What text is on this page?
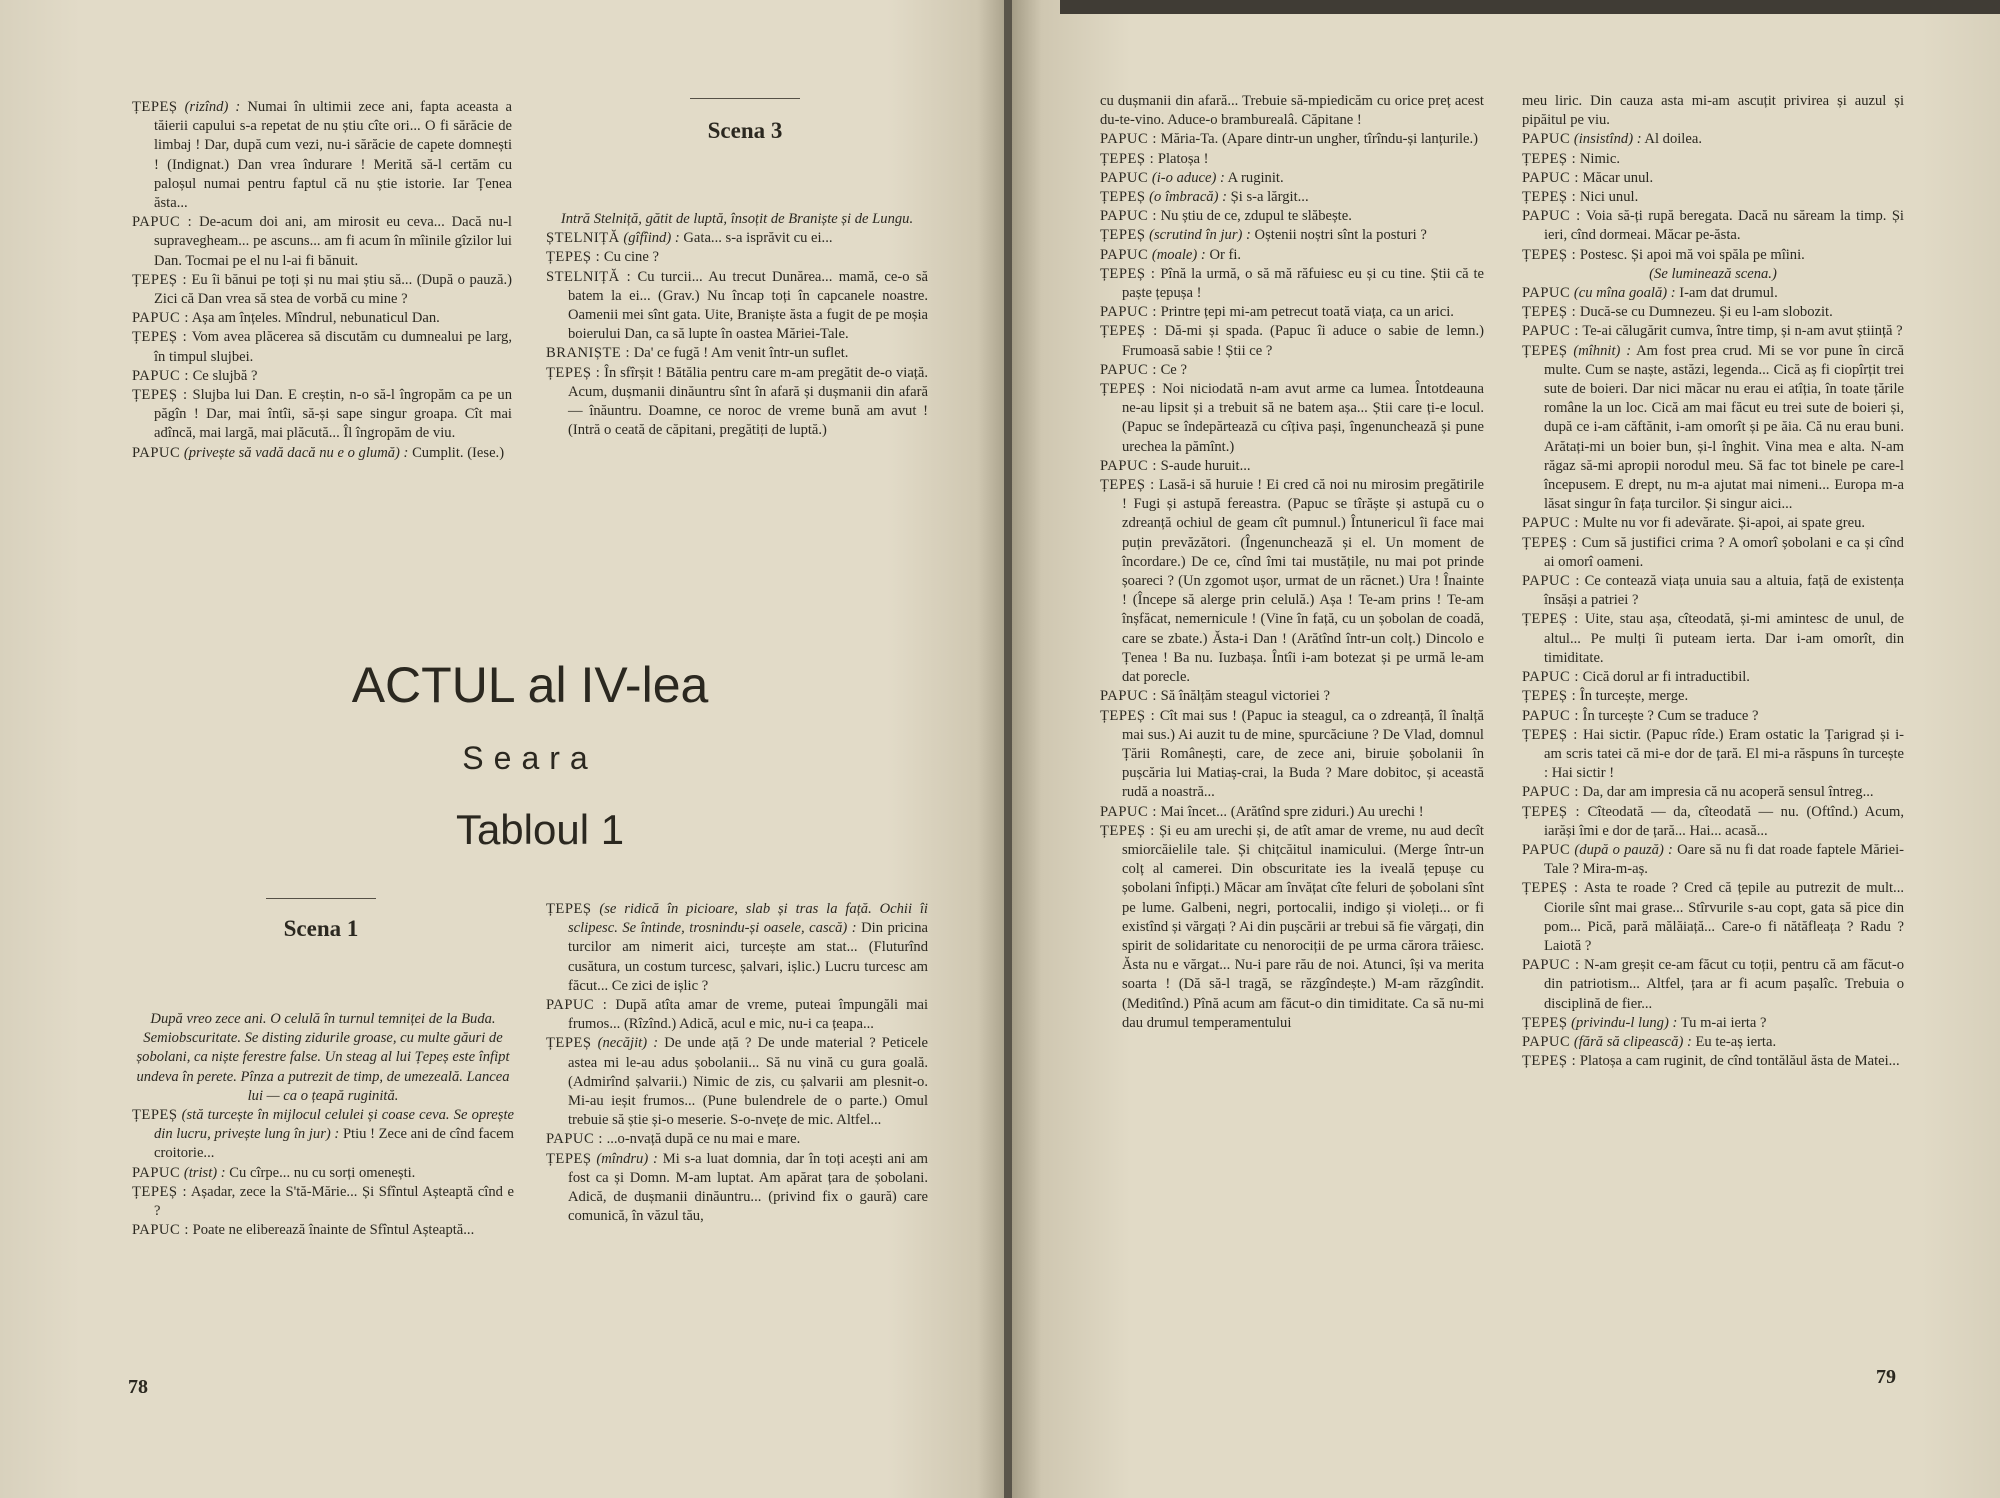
ȚEPEȘ (rizînd) : Numai în ultimii zece ani, fapta aceasta a tăierii capului s-a repetat de nu știu cîte ori... O fi sărăcie de limbaj ! Dar, după cum vezi, nu-i sărăcie de capete domnești ! (Indignat.) Dan vrea îndurare ! Merită să-l certăm cu paloșul numai pentru faptul că nu știe istorie. Iar Țenea ăsta...

PAPUC : De-acum doi ani, am mirosit eu ceva... Dacă nu-l supravegheam... pe ascuns... am fi acum în mîinile gîzilor lui Dan. Tocmai pe el nu l-ai fi bănuit.

ȚEPEȘ : Eu îi bănui pe toți și nu mai știu să... (După o pauză.) Zici că Dan vrea să stea de vorbă cu mine ?

PAPUC : Așa am înțeles. Mîndrul, nebunaticul Dan.

ȚEPEȘ : Vom avea plăcerea să discutăm cu dumnealui pe larg, în timpul slujbei.

PAPUC : Ce slujbă ?

ȚEPEȘ : Slujba lui Dan. E creștin, n-o să-l îngropăm ca pe un păgîn ! Dar, mai întîi, să-și sape singur groapa. Cît mai adîncă, mai largă, mai plăcută... Îl îngropăm de viu.

PAPUC (privește să vadă dacă nu e o glumă) : Cumplit. (Iese.)

Scena 3

Intră Stelniță, gătit de luptă, însoțit de Braniște și de Lungu.

ȘTELNIȚĂ (gîfîind) : Gata... s-a isprăvit cu ei...

ȚEPEȘ : Cu cine ?

STELNIȚĂ : Cu turcii... Au trecut Dunărea... mamă, ce-o să batem la ei... (Grav.) Nu încap toți în capcanele noastre. Oamenii mei sînt gata. Uite, Braniște ăsta a fugit de pe moșia boierului Dan, ca să lupte în oastea Măriei-Tale.

BRANIȘTE : Da' ce fugă ! Am venit într-un suflet.

ȚEPEȘ : În sfîrșit ! Bătălia pentru care m-am pregătit de-o viață. Acum, dușmanii dinăuntru sînt în afară și dușmanii din afară — înăuntru. Doamne, ce noroc de vreme bună am avut ! (Intră o ceată de căpitani, pregătiți de luptă.)

ACTUL al IV-lea
Seara
Tabloul 1
Scena 1

După vreo zece ani. O celulă în turnul temniței de la Buda. Semiobscuritate. Se disting zidurile groase, cu multe găuri de șobolani, ca niște ferestre false. Un steag al lui Țepeș este înfipt undeva în perete. Pînza a putrezit de timp, de umezeală. Lancea lui — ca o țeapă ruginită.

ȚEPEȘ (stă turcește în mijlocul celulei și coase ceva. Se oprește din lucru, privește lung în jur) : Ptiu ! Zece ani de cînd facem croitorie...

PAPUC (trist) : Cu cîrpe... nu cu sorți omenești.

ȚEPEȘ : Așadar, zece la S'tă-Mărie... Și Sfîntul Așteaptă cînd e ?

PAPUC : Poate ne eliberează înainte de Sfîntul Așteaptă...

ȚEPEȘ (se ridică în picioare, slab și tras la față. Ochii îi sclipesc. Se întinde, trosnindu-și oasele, cască) : Din pricina turcilor am nimerit aici, turcește am stat... (Fluturînd cusătura, un costum turcesc, șalvari, ișlic.) Lucru turcesc am făcut... Ce zici de ișlic ?

PAPUC : După atîta amar de vreme, puteai împungăli mai frumos... (Rîzînd.) Adică, acul e mic, nu-i ca țeapa...

ȚEPEȘ (necăjit) : De unde ață ? De unde material ? Peticele astea mi le-au adus șobolanii... Să nu vină cu gura goală. (Admirînd șalvarii.) Nimic de zis, cu șalvarii am plesnit-o. Mi-au ieșit frumos... (Pune bulendrele de o parte.) Omul trebuie să știe și-o meserie. S-o-nvețe de mic. Altfel...

PAPUC : ...o-nvață după ce nu mai e mare.

ȚEPEȘ (mîndru) : Mi s-a luat domnia, dar în toți acești ani am fost ca și Domn. M-am luptat. Am apărat țara de șobolani. Adică, de dușmanii dinăuntru... (privind fix o gaură) care comunică, în văzul tău,

78

cu dușmanii din afară... Trebuie să-mpiedicăm cu orice preț acest du-te-vino. Aduce-o bramburealâ. Căpitane !

PAPUC : Măria-Ta. (Apare dintr-un ungher, tîrîndu-și lanțurile.)

ȚEPEȘ : Platoșa !

PAPUC (i-o aduce) : A ruginit.

ȚEPEȘ (o îmbracă) : Și s-a lărgit...

PAPUC : Nu știu de ce, zdupul te slăbește.

ȚEPEȘ (scrutind în jur) : Oștenii noștri sînt la posturi ?

PAPUC (moale) : Or fi.

ȚEPEȘ : Pînă la urmă, o să mă răfuiesc eu și cu tine. Știi că te paște țepușa !

PAPUC : Printre țepi mi-am petrecut toată viața, ca un arici.

ȚEPEȘ : Dă-mi și spada. (Papuc îi aduce o sabie de lemn.) Frumoasă sabie ! Știi ce ?

PAPUC : Ce ?

ȚEPEȘ : Noi niciodată n-am avut arme ca lumea. Întotdeauna ne-au lipsit și a trebuit să ne batem așa... Știi care ți-e locul. (Papuc se îndepărtează cu cîțiva pași, îngenunchează și pune urechea la pămînt.)

PAPUC : S-aude huruit...

ȚEPEȘ : Lasă-i să huruie ! Ei cred că noi nu mirosim pregătirile ! Fugi și astupă fereastra. (Papuc se tîrăște și astupă cu o zdreanță ochiul de geam cît pumnul.) Întunericul îi face mai puțin prevăzători. (Îngenunchează și el. Un moment de încordare.) De ce, cînd îmi tai mustățile, nu mai pot prinde șoareci ? (Un zgomot ușor, urmat de un răcnet.) Ura ! Înainte ! (Începe să alerge prin celulă.) Așa ! Te-am prins ! Te-am înșfăcat, nemernicule ! (Vine în față, cu un șobolan de coadă, care se zbate.) Ăsta-i Dan ! (Arătînd într-un colț.) Dincolo e Țenea ! Ba nu. Iuzbașa. Întîi i-am botezat și pe urmă le-am dat porecle.

PAPUC : Să înălțăm steagul victoriei ?

ȚEPEȘ : Cît mai sus ! (Papuc ia steagul, ca o zdreanță, îl înalță mai sus.) Ai auzit tu de mine, spurcăciune ? De Vlad, domnul Țării Românești, care, de zece ani, biruie șobolanii în pușcăria lui Matiaș-crai, la Buda ? Mare dobitoc, și această rudă a noastră...

PAPUC : Mai încet... (Arătînd spre ziduri.) Au urechi !

ȚEPEȘ : Și eu am urechi și, de atît amar de vreme, nu aud decît smiorcăielile tale. Și chițcăitul inamicului. (Merge într-un colț al camerei. Din obscuritate ies la iveală țepușe cu șobolani înfipți.) Măcar am învățat cîte feluri de șobolani sînt pe lume. Galbeni, negri, portocalii, indigo și violeți... or fi existînd și vărgați ? Ai din pușcării ar trebui să fie vărgați, din spirit de solidaritate cu nenorociții de pe urma cărora trăiesc. Ăsta nu e vărgat... Nu-i pare rău de noi. Atunci, își va merita soarta ! (Dă să-l tragă, se răzgîndește.) M-am răzgîndit. (Meditînd.) Pînă acum am făcut-o din timiditate. Ca să nu-mi dau drumul temperamentului

meu liric. Din cauza asta mi-am ascuțit privirea și auzul și pipăitul pe viu.

PAPUC (insistînd) : Al doilea.

ȚEPEȘ : Nimic.

PAPUC : Măcar unul.

ȚEPEȘ : Nici unul.

PAPUC : Voia să-ți rupă beregata. Dacă nu săream la timp. Și ieri, cînd dormeai. Măcar pe-ăsta.

ȚEPEȘ : Postesc. Și apoi mă voi spăla pe mîini.

(Se luminează scena.)

PAPUC (cu mîna goală) : I-am dat drumul.

ȚEPEȘ : Ducă-se cu Dumnezeu. Și eu l-am slobozit.

PAPUC : Te-ai călugărit cumva, între timp, și n-am avut știință ?

ȚEPEȘ (mîhnit) : Am fost prea crud. Mi se vor pune în circă multe. Cum se naște, astăzi, legenda... Cică aș fi ciopîrțit trei sute de boieri. Dar nici măcar nu erau ei atîția, în toate țările române la un loc. Cică am mai făcut eu trei sute de boieri și, după ce i-am căftănit, i-am omorît și pe ăia. Că nu erau buni. Arătați-mi un boier bun, și-l înghit. Vina mea e alta. N-am răgaz să-mi apropii norodul meu. Să fac tot binele pe care-l începusem. E drept, nu m-a ajutat mai nimeni... Europa m-a lăsat singur în fața turcilor. Și singur aici...

PAPUC : Multe nu vor fi adevărate. Și-apoi, ai spate greu.

ȚEPEȘ : Cum să justifici crima ? A omorî șobolani e ca și cînd ai omorî oameni.

PAPUC : Ce contează viața unuia sau a altuia, față de existența însăși a patriei ?

ȚEPEȘ : Uite, stau așa, cîteodată, și-mi amintesc de unul, de altul... Pe mulți îi puteam ierta. Dar i-am omorît, din timiditate.

PAPUC : Cică dorul ar fi intraductibil.

ȚEPEȘ : În turcește, merge.

PAPUC : În turcește ? Cum se traduce ?

ȚEPEȘ : Hai sictir. (Papuc rîde.) Eram ostatic la Țarigrad și i-am scris tatei că mi-e dor de țară. El mi-a răspuns în turcește : Hai sictir !

PAPUC : Da, dar am impresia că nu acoperă sensul întreg...

ȚEPEȘ : Cîteodată — da, cîteodată — nu. (Oftînd.) Acum, iarăși îmi e dor de țară... Hai... acasă...

PAPUC (după o pauză) : Oare să nu fi dat roade faptele Măriei-Tale ? Mira-m-aș.

ȚEPEȘ : Asta te roade ? Cred că țepile au putrezit de mult... Ciorile sînt mai grase... Stîrvurile s-au copt, gata să pice din pom... Pică, pară mălăiață... Care-o fi nătăfleața ? Radu ? Laiotă ?

PAPUC : N-am greșit ce-am făcut cu toții, pentru că am făcut-o din patriotism... Altfel, țara ar fi acum pașalîc. Trebuia o disciplină de fier...

ȚEPEȘ (privindu-l lung) : Tu m-ai ierta ?

PAPUC (fără să clipească) : Eu te-aș ierta.

ȚEPEȘ : Platoșa a cam ruginit, de cînd tontălăul ăsta de Matei...

79
